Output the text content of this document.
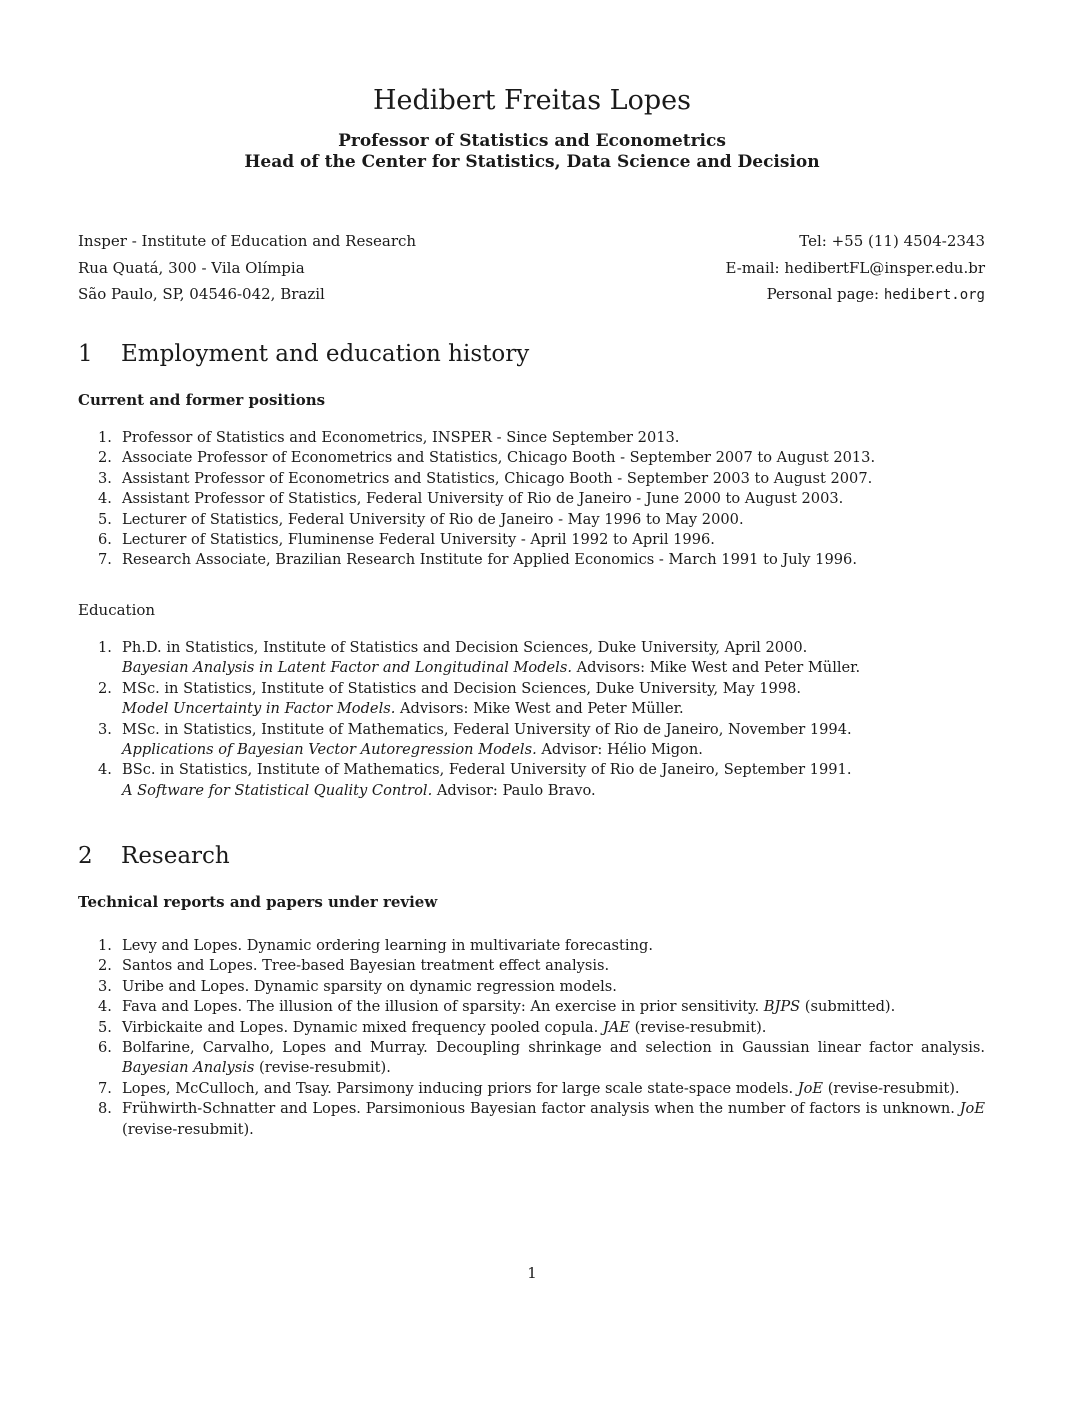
Hedibert Freitas Lopes
Professor of Statistics and Econometrics
Head of the Center for Statistics, Data Science and Decision
Insper - Institute of Education and Research
Rua Quatá, 300 - Vila Olímpia
São Paulo, SP, 04546-042, Brazil
Tel: +55 (11) 4504-2343
E-mail: hedibertFL@insper.edu.br
Personal page: hedibert.org
1 Employment and education history
Current and former positions
1. Professor of Statistics and Econometrics, INSPER - Since September 2013.
2. Associate Professor of Econometrics and Statistics, Chicago Booth - September 2007 to August 2013.
3. Assistant Professor of Econometrics and Statistics, Chicago Booth - September 2003 to August 2007.
4. Assistant Professor of Statistics, Federal University of Rio de Janeiro - June 2000 to August 2003.
5. Lecturer of Statistics, Federal University of Rio de Janeiro - May 1996 to May 2000.
6. Lecturer of Statistics, Fluminense Federal University - April 1992 to April 1996.
7. Research Associate, Brazilian Research Institute for Applied Economics - March 1991 to July 1996.
Education
1. Ph.D. in Statistics, Institute of Statistics and Decision Sciences, Duke University, April 2000.
Bayesian Analysis in Latent Factor and Longitudinal Models. Advisors: Mike West and Peter Müller.
2. MSc. in Statistics, Institute of Statistics and Decision Sciences, Duke University, May 1998.
Model Uncertainty in Factor Models. Advisors: Mike West and Peter Müller.
3. MSc. in Statistics, Institute of Mathematics, Federal University of Rio de Janeiro, November 1994.
Applications of Bayesian Vector Autoregression Models. Advisor: Hélio Migon.
4. BSc. in Statistics, Institute of Mathematics, Federal University of Rio de Janeiro, September 1991.
A Software for Statistical Quality Control. Advisor: Paulo Bravo.
2 Research
Technical reports and papers under review
1. Levy and Lopes. Dynamic ordering learning in multivariate forecasting.
2. Santos and Lopes. Tree-based Bayesian treatment effect analysis.
3. Uribe and Lopes. Dynamic sparsity on dynamic regression models.
4. Fava and Lopes. The illusion of the illusion of sparsity: An exercise in prior sensitivity. BJPS (submitted).
5. Virbickaite and Lopes. Dynamic mixed frequency pooled copula. JAE (revise-resubmit).
6. Bolfarine, Carvalho, Lopes and Murray. Decoupling shrinkage and selection in Gaussian linear factor analysis. Bayesian Analysis (revise-resubmit).
7. Lopes, McCulloch, and Tsay. Parsimony inducing priors for large scale state-space models. JoE (revise-resubmit).
8. Frühwirth-Schnatter and Lopes. Parsimonious Bayesian factor analysis when the number of factors is unknown. JoE (revise-resubmit).
1
